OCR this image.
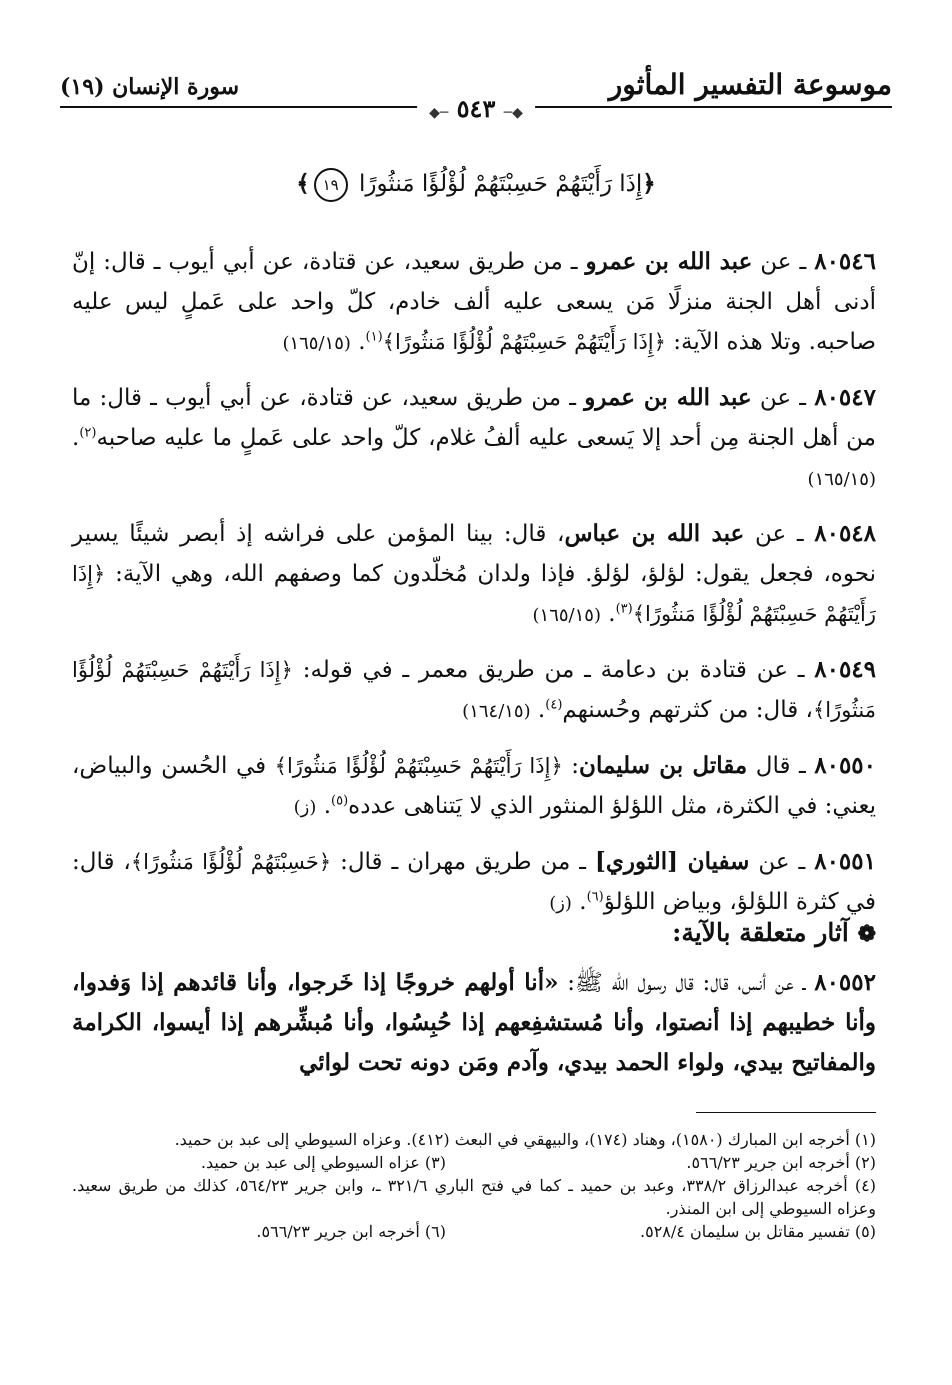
موسوعة التفسير المأثور
سورة الإنسان (١٩)
◆─ ٥٤٣ ─◆
﴿إِذَا رَأَيْتَهُمْ حَسِبْتَهُمْ لُؤْلُؤًا مَنثُورًا ١٩﴾

٨٠٥٤٦ ـ عن عبد الله بن عمرو ـ من طريق سعيد، عن قتادة، عن أبي أيوب ـ قال: إنّ أدنى أهل الجنة منزلًا مَن يسعى عليه ألف خادم، كلّ واحد على عَملٍ ليس عليه صاحبه. وتلا هذه الآية: ﴿إِذَا رَأَيْتَهُمْ حَسِبْتَهُمْ لُؤْلُؤًا مَنثُورًا﴾$^{(١)}$. (١٦٥/١٥)

٨٠٥٤٧ ـ عن عبد الله بن عمرو ـ من طريق سعيد، عن قتادة، عن أبي أيوب ـ قال: ما من أهل الجنة مِن أحد إلا يَسعى عليه ألفُ غلام، كلّ واحد على عَملٍ ما عليه صاحبه$^{(٢)}$. (١٦٥/١٥)

٨٠٥٤٨ ـ عن عبد الله بن عباس، قال: بينا المؤمن على فراشه إذ أبصر شيئًا يسير نحوه، فجعل يقول: لؤلؤ، لؤلؤ. فإذا ولدان مُخلّدون كما وصفهم الله، وهي الآية: ﴿إِذَا رَأَيْتَهُمْ حَسِبْتَهُمْ لُؤْلُؤًا مَنثُورًا﴾$^{(٣)}$. (١٦٥/١٥)

٨٠٥٤٩ ـ عن قتادة بن دعامة ـ من طريق معمر ـ في قوله: ﴿إِذَا رَأَيْتَهُمْ حَسِبْتَهُمْ لُؤْلُؤًا مَنثُورًا﴾، قال: من كثرتهم وحُسنهم$^{(٤)}$. (١٦٤/١٥)

٨٠٥٥٠ ـ قال مقاتل بن سليمان: ﴿إِذَا رَأَيْتَهُمْ حَسِبْتَهُمْ لُؤْلُؤًا مَنثُورًا﴾ في الحُسن والبياض، يعني: في الكثرة، مثل اللؤلؤ المنثور الذي لا يَتناهى عدده$^{(٥)}$. (ز)

٨٠٥٥١ ـ عن سفيان [الثوري] ـ من طريق مهران ـ قال: ﴿حَسِبْتَهُمْ لُؤْلُؤًا مَنثُورًا﴾، قال: في كثرة اللؤلؤ، وبياض اللؤلؤ$^{(٦)}$. (ز)

❁ آثار متعلقة بالآية:

٨٠٥٥٢ ـ عن أنس، قال: قال رسول الله ﷺ: «أنا أولهم خروجًا إذا خَرجوا، وأنا قائدهم إذا وَفدوا، وأنا خطيبهم إذا أنصتوا، وأنا مُستشفِعهم إذا حُبِسُوا، وأنا مُبشِّرهم إذا أيسوا، الكرامة والمفاتيح بيدي، ولواء الحمد بيدي، وآدم ومَن دونه تحت لوائي

(١) أخرجه ابن المبارك (١٥٨٠)، وهناد (١٧٤)، والبيهقي في البعث (٤١٢). وعزاه السيوطي إلى عبد بن حميد.
(٢) أخرجه ابن جرير ٥٦٦/٢٣.
(٣) عزاه السيوطي إلى عبد بن حميد.
(٤) أخرجه عبدالرزاق ٣٣٨/٢، وعبد بن حميد ـ كما في فتح الباري ٣٢١/٦ ـ، وابن جرير ٥٦٤/٢٣، كذلك من طريق سعيد. وعزاه السيوطي إلى ابن المنذر.
(٥) تفسير مقاتل بن سليمان ٥٢٨/٤.
(٦) أخرجه ابن جرير ٥٦٦/٢٣.
